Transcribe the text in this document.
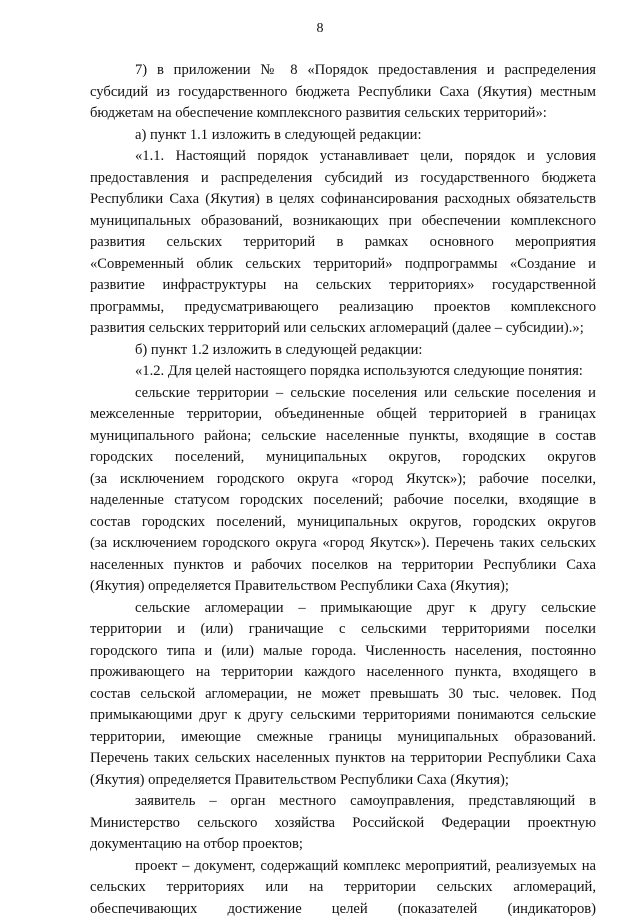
8
7) в приложении № 8 «Порядок предоставления и распределения
субсидий из государственного бюджета Республики Саха (Якутия) местным
бюджетам на обеспечение комплексного развития сельских территорий»:
а) пункт 1.1 изложить в следующей редакции:
«1.1. Настоящий порядок устанавливает цели, порядок и условия
предоставления и распределения субсидий из государственного бюджета
Республики Саха (Якутия) в целях софинансирования расходных обязательств
муниципальных образований, возникающих при обеспечении комплексного
развития сельских территорий в рамках основного мероприятия
«Современный облик сельских территорий» подпрограммы «Создание и
развитие инфраструктуры на сельских территориях» государственной
программы, предусматривающего реализацию проектов комплексного
развития сельских территорий или сельских агломераций (далее – субсидии).»;
б) пункт 1.2 изложить в следующей редакции:
«1.2. Для целей настоящего порядка используются следующие понятия:
сельские территории – сельские поселения или сельские поселения и
межселенные территории, объединенные общей территорией в границах
муниципального района; сельские населенные пункты, входящие в состав
городских поселений, муниципальных округов, городских округов
(за исключением городского округа «город Якутск»); рабочие поселки,
наделенные статусом городских поселений; рабочие поселки, входящие в
состав городских поселений, муниципальных округов, городских округов
(за исключением городского округа «город Якутск»). Перечень таких сельских
населенных пунктов и рабочих поселков на территории Республики Саха
(Якутия) определяется Правительством Республики Саха (Якутия);
сельские агломерации – примыкающие друг к другу сельские
территории и (или) граничащие с сельскими территориями поселки
городского типа и (или) малые города. Численность населения, постоянно
проживающего на территории каждого населенного пункта, входящего в
состав сельской агломерации, не может превышать 30 тыс. человек. Под
примыкающими друг к другу сельскими территориями понимаются сельские
территории, имеющие смежные границы муниципальных образований.
Перечень таких сельских населенных пунктов на территории Республики Саха
(Якутия) определяется Правительством Республики Саха (Якутия);
заявитель – орган местного самоуправления, представляющий в
Министерство сельского хозяйства Российской Федерации проектную
документацию на отбор проектов;
проект – документ, содержащий комплекс мероприятий, реализуемых на
сельских территориях или на территории сельских агломераций,
обеспечивающих достижение целей (показателей (индикаторов)
